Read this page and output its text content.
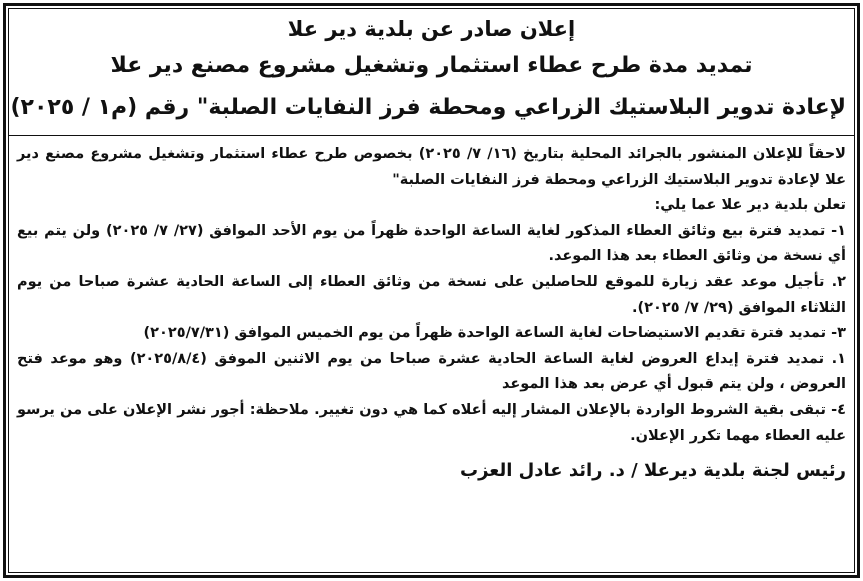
إعلان صادر عن بلدية دير علا
تمديد مدة طرح عطاء استثمار وتشغيل مشروع مصنع دير علا
لإعادة تدوير البلاستيك الزراعي ومحطة فرز النفايات الصلبة" رقم (م١ / ٢٠٢٥)

لاحقاً للإعلان المنشور بالجرائد المحلية بتاريخ (١٦/ ٧/ ٢٠٢٥) بخصوص طرح عطاء استثمار وتشغيل مشروع مصنع دير علا لإعادة تدوير البلاستيك الزراعي ومحطة فرز النفايات الصلبة"

تعلن بلدية دير علا عما يلي:

١- تمديد فترة بيع وثائق العطاء المذكور لغاية الساعة الواحدة ظهراً من يوم الأحد الموافق (٢٧/ ٧/ ٢٠٢٥) ولن يتم بيع أي نسخة من وثائق العطاء بعد هذا الموعد.

٢. تأجيل موعد عقد زيارة للموقع للحاصلين على نسخة من وثائق العطاء إلى الساعة الحادية عشرة صباحا من يوم الثلاثاء الموافق (٢٩/ ٧/ ٢٠٢٥).

٣- تمديد فترة تقديم الاستيضاحات لغاية الساعة الواحدة ظهراً من يوم الخميس الموافق (٢٠٢٥/٧/٣١)

١. تمديد فترة إيداع العروض لغاية الساعة الحادية عشرة صباحا من يوم الاثنين الموفق (٢٠٢٥/٨/٤) وهو موعد فتح العروض ، ولن يتم قبول أي عرض بعد هذا الموعد

٤- تبقى بقية الشروط الواردة بالإعلان المشار إليه أعلاه كما هي دون تغيير. ملاحظة: أجور نشر الإعلان على من يرسو عليه العطاء مهما تكرر الإعلان.

رئيس لجنة بلدية ديرعلا / د. رائد عادل العزب
